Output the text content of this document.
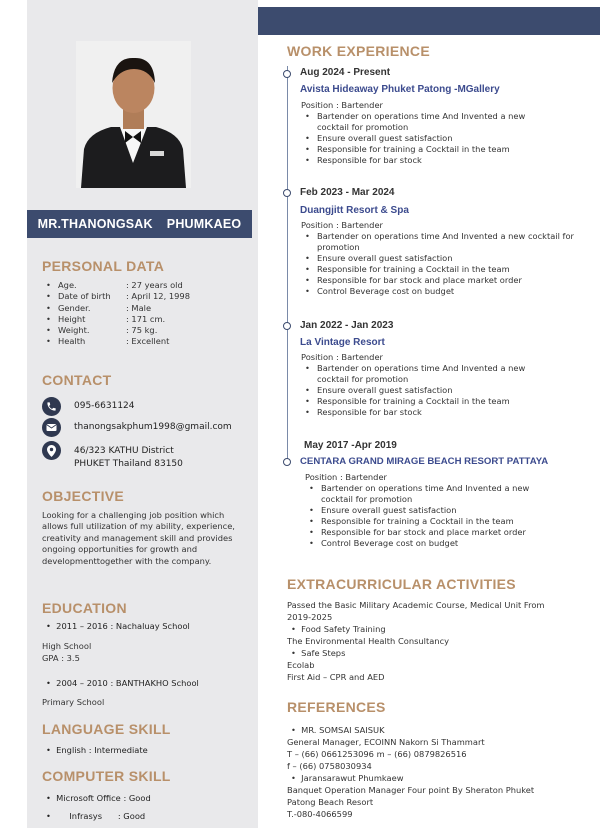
MR.THANONGSAK PHUMKAEO
PERSONAL DATA
• Age.	: 27 years old
• Date of birth	: April 12, 1998
• Gender.	: Male
• Height	: 171 cm.
• Weight.	: 75 kg.
• Health	: Excellent
CONTACT
095-6631124
thanongsakphum1998@gmail.com
46/323 KATHU District
PHUKET Thailand 83150
OBJECTIVE
Looking for a challenging job position which allows full utilization of my ability, experience, creativity and management skill and provides ongoing opportunities for growth and developmenttogether with the company.
EDUCATION
•  2011 – 2016 : Nachaluay School
High School
GPA : 3.5
•  2004 – 2010 : BANTHAKHO School
Primary School
LANGUAGE SKILL
•  English : Intermediate
COMPUTER SKILL
•  Microsoft Office : Good
•       Infrasys : Good
WORK EXPERIENCE
Aug 2024 - Present
Avista Hideaway Phuket Patong -MGallery
Position : Bartender
• Bartender on operations time And Invented a new cocktail for promotion
• Ensure overall guest satisfaction
• Responsible for training a Cocktail in the team
• Responsible for bar stock
Feb 2023 - Mar 2024
Duangjitt Resort & Spa
Position : Bartender
• Bartender on operations time And Invented a new cocktail for promotion
• Ensure overall guest satisfaction
• Responsible for training a Cocktail in the team
• Responsible for bar stock and place market order
• Control Beverage cost on budget
Jan 2022 - Jan 2023
La Vintage Resort
Position : Bartender
• Bartender on operations time And Invented a new cocktail for promotion
• Ensure overall guest satisfaction
• Responsible for training a Cocktail in the team
• Responsible for bar stock
May 2017 -Apr 2019
CENTARA GRAND MIRAGE BEACH RESORT PATTAYA
Position : Bartender
• Bartender on operations time And Invented a new cocktail for promotion
• Ensure overall guest satisfaction
• Responsible for training a Cocktail in the team
• Responsible for bar stock and place market order
• Control Beverage cost on budget
EXTRACURRICULAR ACTIVITIES
Passed the Basic Military Academic Course, Medical Unit From
2019-2025
•  Food Safety Training
The Environmental Health Consultancy
•  Safe Steps
Ecolab
First Aid – CPR and AED
REFERENCES
•  MR. SOMSAI SAISUK
General Manager, ECOINN Nakorn Si Thammart
T – (66) 0661253096 m – (66) 0879826516
f – (66) 0758030934
•  Jaransarawut Phumkaew
Banquet Operation Manager Four point By Sheraton Phuket
Patong Beach Resort
T.-080-4066599
